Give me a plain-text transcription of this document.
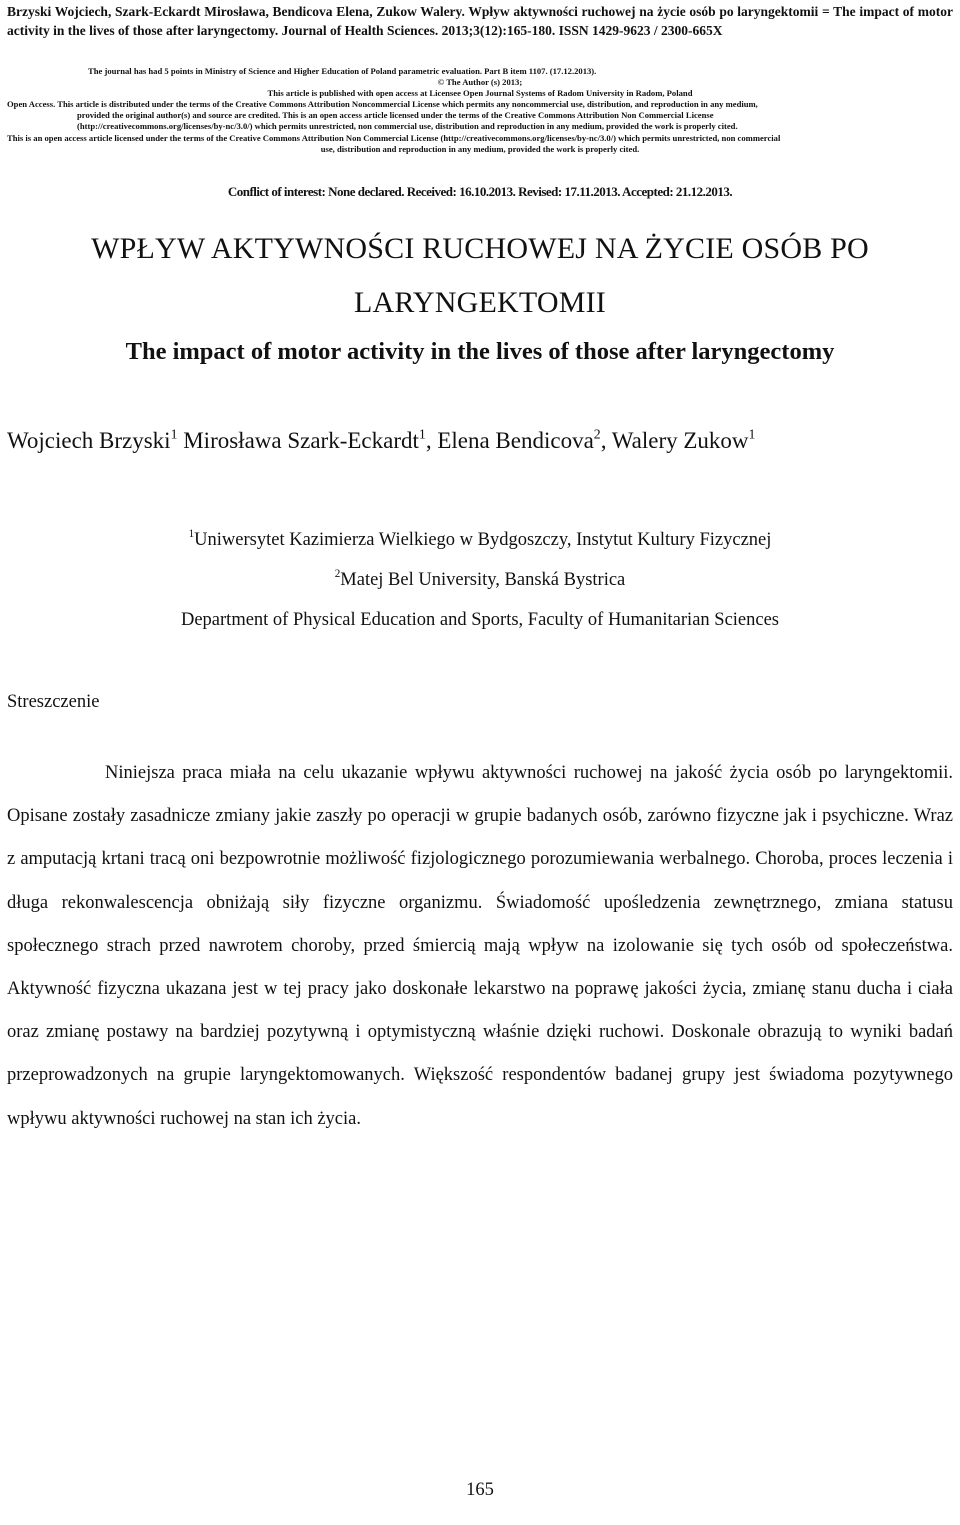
Brzyski Wojciech, Szark-Eckardt Mirosława, Bendicova Elena, Zukow Walery. Wpływ aktywności ruchowej na życie osób po laryngektomii = The impact of motor activity in the lives of those after laryngectomy. Journal of Health Sciences. 2013;3(12):165-180. ISSN 1429-9623 / 2300-665X
The journal has had 5 points in Ministry of Science and Higher Education of Poland parametric evaluation. Part B item 1107. (17.12.2013).
© The Author (s) 2013;
This article is published with open access at Licensee Open Journal Systems of Radom University in Radom, Poland
Open Access. This article is distributed under the terms of the Creative Commons Attribution Noncommercial License which permits any noncommercial use, distribution, and reproduction in any medium,
provided the original author(s) and source are credited. This is an open access article licensed under the terms of the Creative Commons Attribution Non Commercial License
(http://creativecommons.org/licenses/by-nc/3.0/) which permits unrestricted, non commercial use, distribution and reproduction in any medium, provided the work is properly cited.
This is an open access article licensed under the terms of the Creative Commons Attribution Non Commercial License (http://creativecommons.org/licenses/by-nc/3.0/) which permits unrestricted, non commercial
use, distribution and reproduction in any medium, provided the work is properly cited.
Conflict of interest: None declared. Received: 16.10.2013. Revised: 17.11.2013. Accepted: 21.12.2013.
WPŁYW AKTYWNOŚCI RUCHOWEJ NA ŻYCIE OSÓB PO LARYNGEKTOMII
The impact of motor activity in the lives of those after laryngectomy
Wojciech Brzyski$^1$ Mirosława Szark-Eckardt$^1$, Elena Bendicova$^2$, Walery Zukow$^1$
$^1$Uniwersytet Kazimierza Wielkiego w Bydgoszczy, Instytut Kultury Fizycznej
$^2$Matej Bel University, Banská Bystrica
Department of Physical Education and Sports, Faculty of Humanitarian Sciences
Streszczenie

Niniejsza praca miała na celu ukazanie wpływu aktywności ruchowej na jakość życia osób po laryngektomii. Opisane zostały zasadnicze zmiany jakie zaszły po operacji w grupie badanych osób, zarówno fizyczne jak i psychiczne. Wraz z amputacją krtani tracą oni bezpowrotnie możliwość fizjologicznego porozumiewania werbalnego. Choroba, proces leczenia i długa rekonwalescencja obniżają siły fizyczne organizmu. Świadomość upośledzenia zewnętrznego, zmiana statusu społecznego strach przed nawrotem choroby, przed śmiercią mają wpływ na izolowanie się tych osób od społeczeństwa. Aktywność fizyczna ukazana jest w tej pracy jako doskonałe lekarstwo na poprawę jakości życia, zmianę stanu ducha i ciała oraz zmianę postawy na bardziej pozytywną i optymistyczną właśnie dzięki ruchowi. Doskonale obrazują to wyniki badań przeprowadzonych na grupie laryngektomowanych. Większość respondentów badanej grupy jest świadoma pozytywnego wpływu aktywności ruchowej na stan ich życia.

165
